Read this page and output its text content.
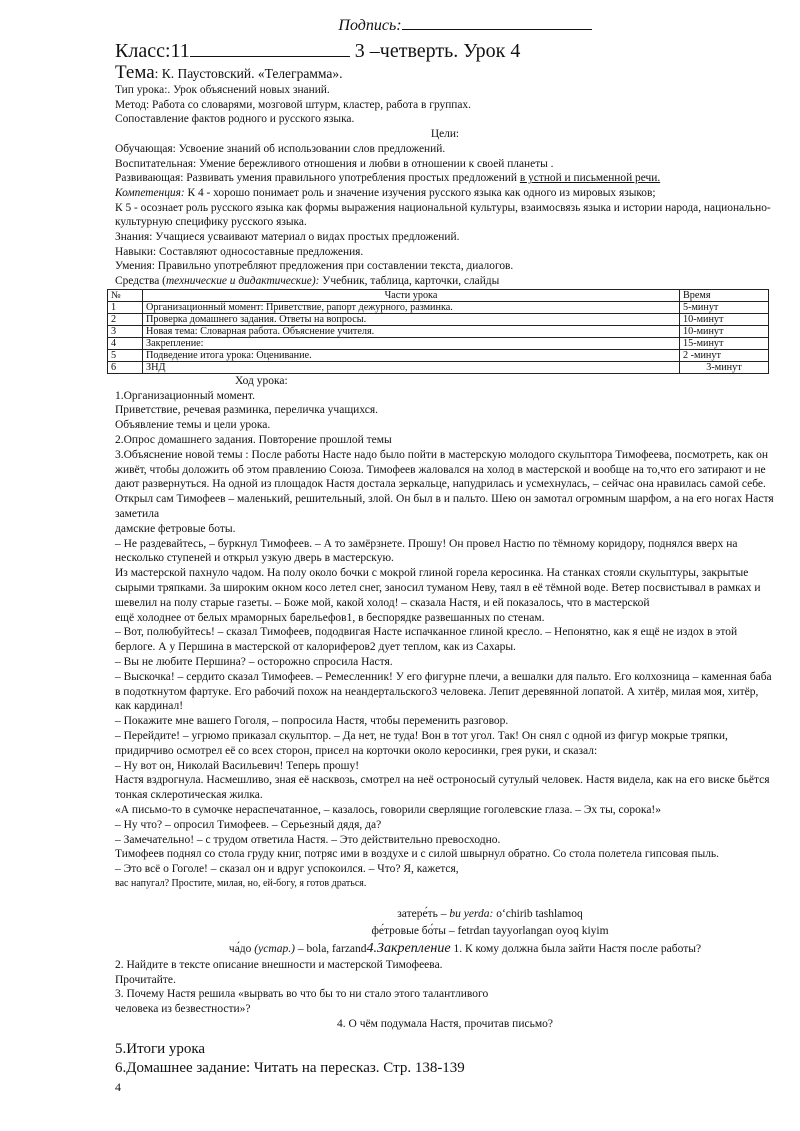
Подпись:
Класс:11	3 –четверть. Урок 4
Тема: К. Паустовский. «Телеграмма».

Тип урока:. Урок объяснений новых знаний.

Метод: Работа со словарями, мозговой штурм, кластер, работа в группах.

Сопоставление фактов родного и русского языка.

Цели:

Обучающая: Усвоение знаний об использовании слов предложений.

Воспитательная: Умение бережливого отношения и любви в отношении к своей планеты .

Развивающая: Развивать умения правильного употребления простых предложений в устной и письменной речи.

Компетенция: К 4 - хорошо понимает роль и значение изучения русского языка как одного из мировых языков;

К 5 - осознает роль русского языка как формы выражения национальной культуры, взаимосвязь языка и истории народа, национально-культурную специфику русского языка.

Знания: Учащиеся усваивают материал о видах простых предложений.

Навыки: Составляют односоставные предложения.

Умения: Правильно употребляют предложения при составлении текста, диалогов.

Средства (технические и дидактические): Учебник, таблица, карточки, слайды

№	Части урока	Время
1	Организационный момент: Приветствие, рапорт дежурного, разминка.	5-минут
2	Проверка домашнего задания. Ответы на вопросы.	10-минут
3	Новая тема: Словарная работа. Объяснение учителя.	10-минут
4	Закрепление:	15-минут
5	Подведение итога урока: Оценивание.	2 -минут
6	ЗНД	3-минут

Ход урока:

1.Организационный момент.

Приветствие, речевая разминка, переличка учащихся.

Объявление темы и цели урока.

2.Опрос домашнего задания. Повторение прошлой темы

3.Объяснение новой темы : После работы Насте надо было пойти в мастерскую молодого скульптора Тимофеева, посмотреть, как он живёт, чтобы доложить об этом правлению Союза. Тимофеев жаловался на холод в мастерской и вообще на то,что его затирают и не дают развернуться. На одной из площадок Настя достала зеркальце, напудрилась и усмехнулась, – сейчас она нравилась самой себе. Открыл сам Тимофеев – маленький, решительный, злой. Он был в и пальто. Шею он замотал огромным шарфом, а на его ногах Настя заметила

дамские фетровые боты.

– Не раздевайтесь, – буркнул Тимофеев. – А то замёрзнете. Прошу! Он провел Настю по тёмному коридору, поднялся вверх на несколько ступеней и открыл узкую дверь в мастерскую.

Из мастерской пахнуло чадом. На полу около бочки с мокрой глиной горела керосинка. На станках стояли скульптуры, закрытые сырыми тряпками. За широким окном косо летел снег, заносил туманом Неву, таял в её тёмной воде. Ветер посвистывал в рамках и шевелил на полу старые газеты. – Боже мой, какой холод! – сказала Настя, и ей показалось, что в мастерской

ещё холоднее от белых мраморных барельефов1, в беспорядке развешанных по стенам.

– Вот, полюбуйтесь! – сказал Тимофеев, пододвигая Насте испачканное глиной кресло. – Непонятно, как я ещё не издох в этой берлоге. А у Першина в мастерской от калориферов2 дует теплом, как из Сахары.

– Вы не любите Першина? – осторожно спросила Настя.

– Выскочка! – сердито сказал Тимофеев. – Ремесленник! У его фигурне плечи, а вешалки для пальто. Его колхозница – каменная баба в подоткнутом фартуке. Его рабочий похож на неандертальского3 человека. Лепит деревянной лопатой. А хитёр, милая моя, хитёр, как кардинал!

– Покажите мне вашего Гоголя, – попросила Настя, чтобы переменить разговор.

– Перейдите! – угрюмо приказал скульптор. – Да нет, не туда! Вон в тот угол. Так! Он снял с одной из фигур мокрые тряпки, придирчиво осмотрел её со всех сторон, присел на корточки около керосинки, грея руки, и сказал:

– Ну вот он, Николай Васильевич! Теперь прошу!

Настя вздрогнула. Насмешливо, зная её насквозь, смотрел на неё остроносый сутулый человек. Настя видела, как на его виске бьётся тонкая склеротическая жилка.

«А письмо-то в сумочке нераспечатанное, – казалось, говорили сверлящие гоголевские глаза. – Эх ты, сорока!»

– Ну что? – опросил Тимофеев. – Серьезный дядя, да?

– Замечательно! – с трудом ответила Настя. – Это действительно превосходно.

Тимофеев поднял со стола груду книг, потряс ими в воздухе и с силой швырнул обратно. Со стола полетела гипсовая пыль.

– Это всё о Гоголе! – сказал он и вдруг успокоился. – Что? Я, кажется,

вас напугал? Простите, милая, но, ей-богу, я готов драться.

затере́ть – bu yerda: o‘chirib tashlamoq
фе́тровые бо́ты – fetrdan tayyorlangan oyoq kiyim
ча́до (устар.) – bola, farzand4.Закрепление 1. К кому должна была зайти Настя после работы?

2. Найдите в тексте описание внешности и мастерской Тимофеева.

Прочитайте.

3. Почему Настя решила «вырвать во что бы то ни стало этого талантливого

человека из безвестности»?

4. О чём подумала Настя, прочитав письмо?

5.Итоги урока
6.Домашнее задание: Читать на пересказ. Стр. 138-139
4
